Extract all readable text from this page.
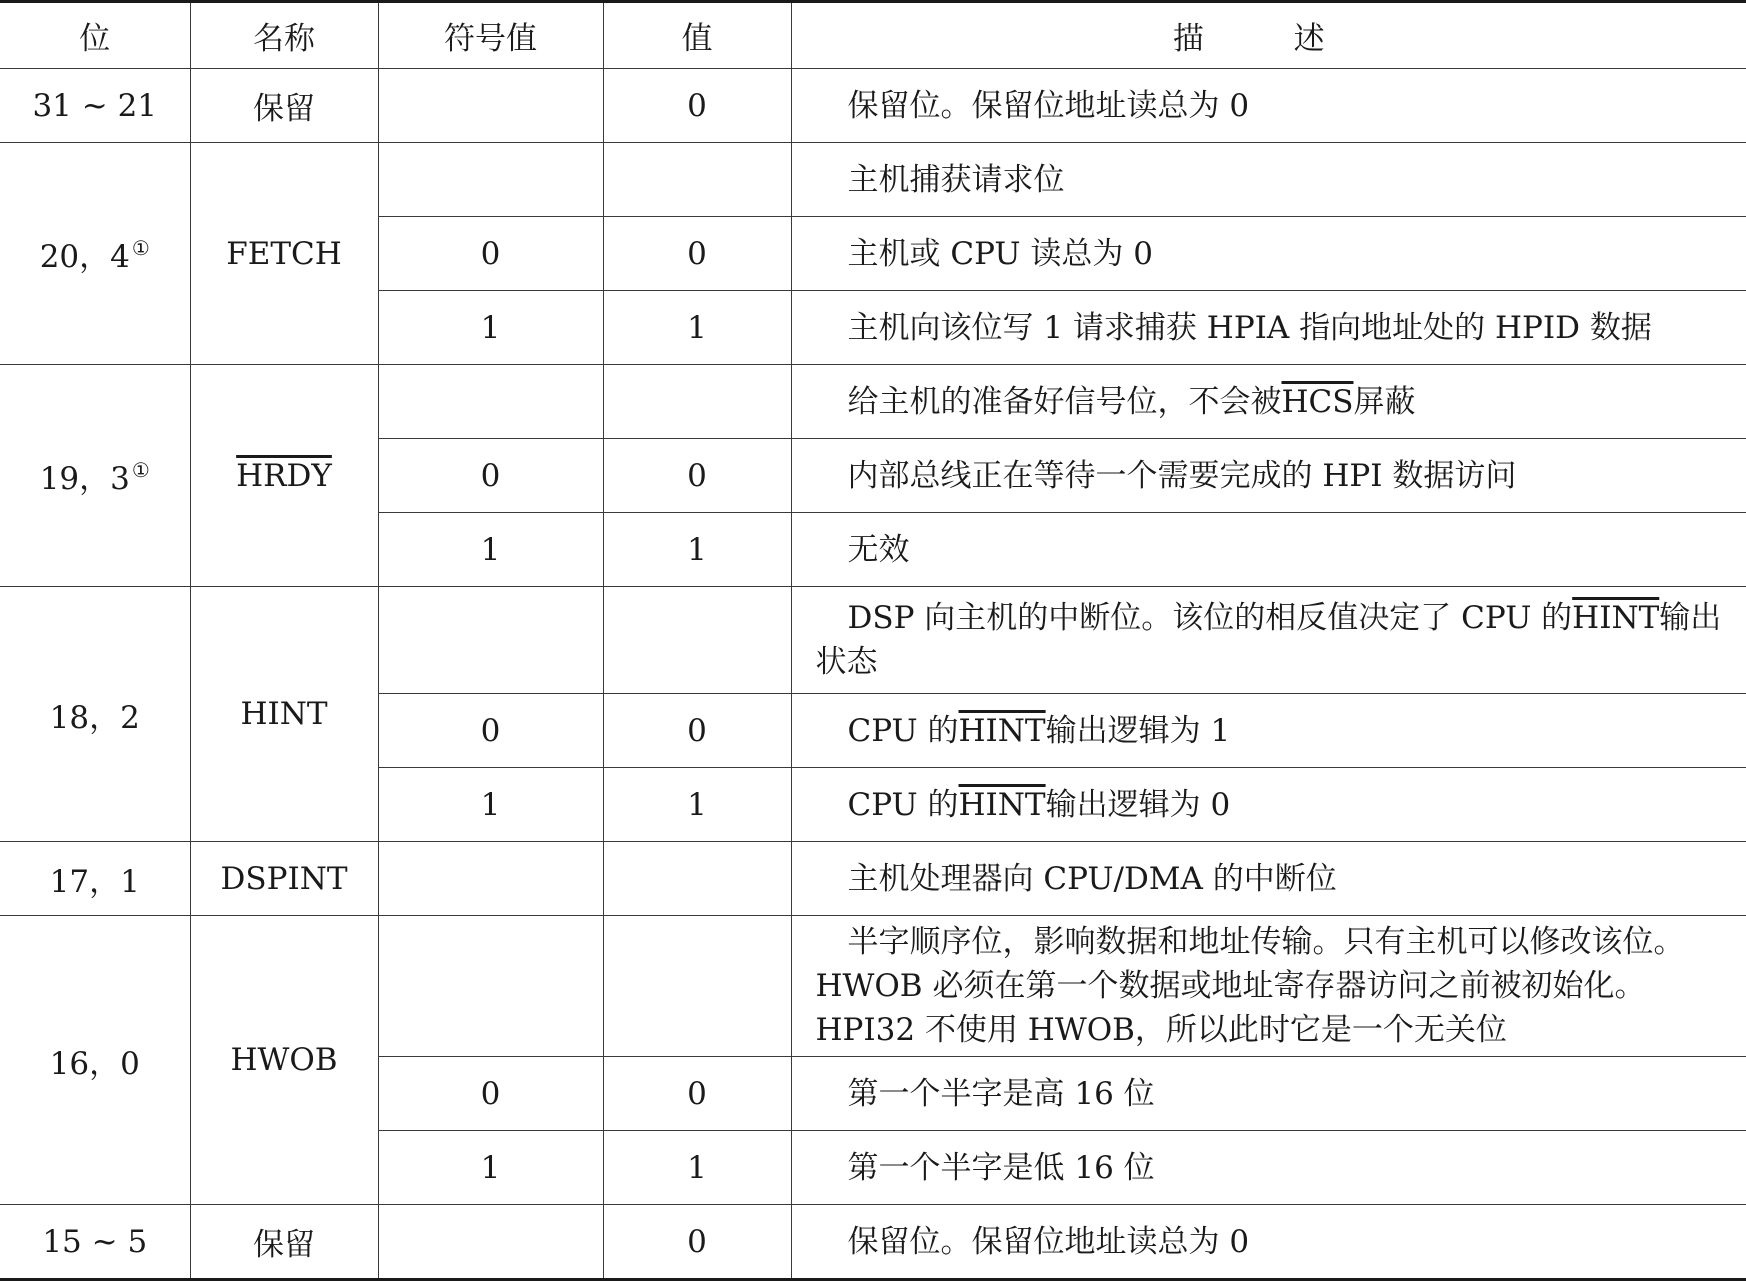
位	名称	符号值	值	描 述
31 ~ 21	保留		0	保留位。保留位地址读总为 0
20，4 ①	FETCH			主机捕获请求位
		0	0	主机或 CPU 读总为 0
		1	1	主机向该位写 1 请求捕获 HPIA 指向地址处的 HPID 数据
19，3 ①	HRDY			给主机的准备好信号位，不会被$\overline{HCS}$屏蔽
		0	0	内部总线正在等待一个需要完成的 HPI 数据访问
		1	1	无效
18，2	HINT			DSP 向主机的中断位。该位的相反值决定了 CPU 的HINT输出状态
		0	0	CPU 的HINT输出逻辑为 1
		1	1	CPU 的HINT输出逻辑为 0
17，1	DSPINT			主机处理器向 CPU/DMA 的中断位
16，0	HWOB			半字顺序位，影响数据和地址传输。只有主机可以修改该位。HWOB 必须在第一个数据或地址寄存器访问之前被初始化。HPI32 不使用 HWOB，所以此时它是一个无关位
		0	0	第一个半字是高 16 位
		1	1	第一个半字是低 16 位
15 ~ 5	保留		0	保留位。保留位地址读总为 0
